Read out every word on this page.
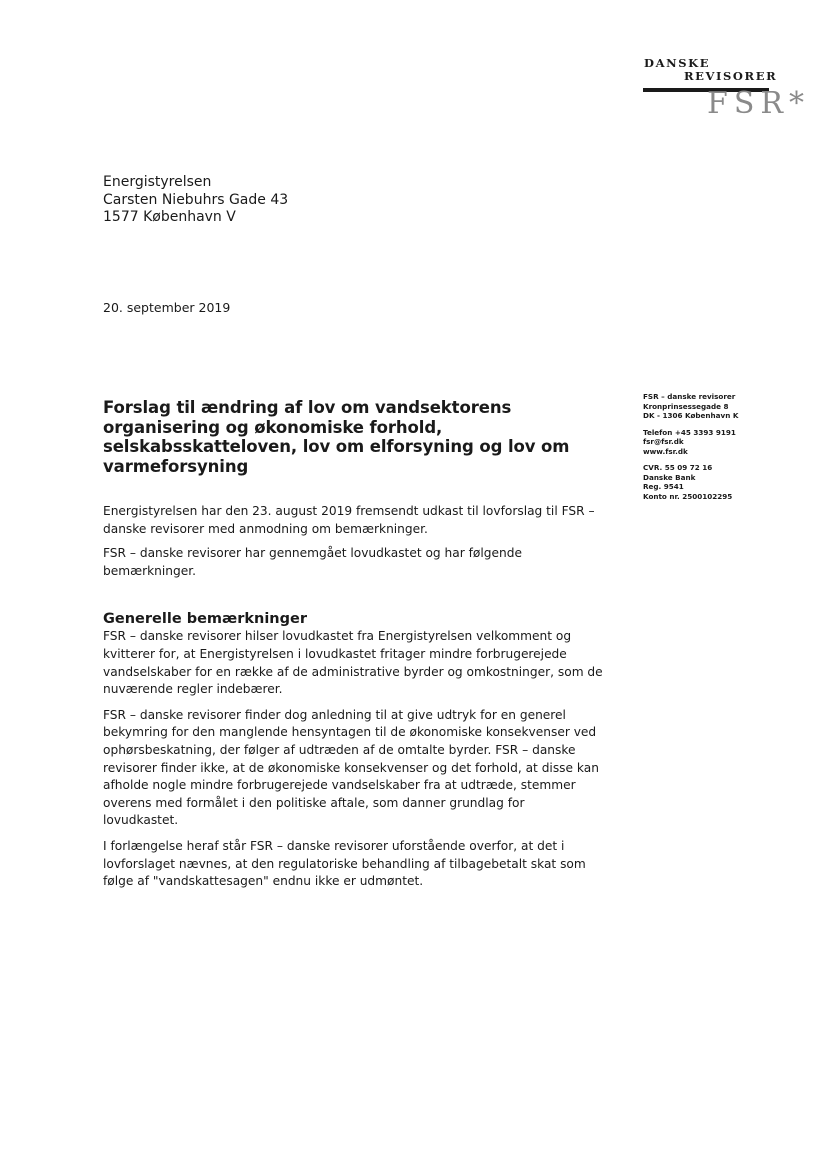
DANSKE
REVISORER
FSR*
Energistyrelsen
Carsten Niebuhrs Gade 43
1577 København V
20. september 2019
FSR – danske revisorer
Kronprinsessegade 8
DK - 1306 København K
Telefon +45 3393 9191
fsr@fsr.dk
www.fsr.dk
CVR. 55 09 72 16
Danske Bank
Reg. 9541
Konto nr. 2500102295
Forslag til ændring af lov om vandsektorens organisering og økonomiske forhold, selskabsskatteloven, lov om elforsyning og lov om varmeforsyning

Energistyrelsen har den 23. august 2019 fremsendt udkast til lovforslag til FSR – danske revisorer med anmodning om bemærkninger.

FSR – danske revisorer har gennemgået lovudkastet og har følgende bemærkninger.

Generelle bemærkninger

FSR – danske revisorer hilser lovudkastet fra Energistyrelsen velkomment og kvitterer for, at Energistyrelsen i lovudkastet fritager mindre forbrugerejede vandselskaber for en række af de administrative byrder og omkostninger, som de nuværende regler indebærer.

FSR – danske revisorer finder dog anledning til at give udtryk for en generel bekymring for den manglende hensyntagen til de økonomiske konsekvenser ved ophørsbeskatning, der følger af udtræden af de omtalte byrder. FSR – danske revisorer finder ikke, at de økonomiske konsekvenser og det forhold, at disse kan afholde nogle mindre forbrugerejede vandselskaber fra at udtræde, stemmer overens med formålet i den politiske aftale, som danner grundlag for lovudkastet.

I forlængelse heraf står FSR – danske revisorer uforstående overfor, at det i lovforslaget nævnes, at den regulatoriske behandling af tilbagebetalt skat som følge af "vandskattesagen" endnu ikke er udmøntet.
